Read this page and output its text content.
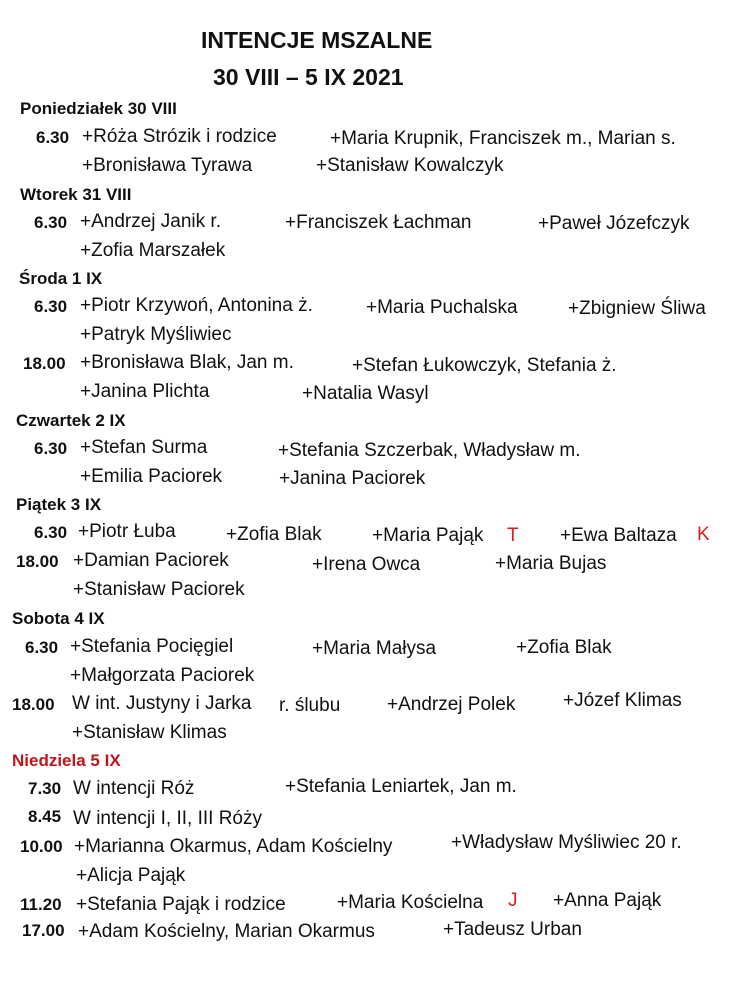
INTENCJE MSZALNE
30 VIII – 5 IX 2021
Poniedziałek 30 VIII
6.30 +Róża Strózik i rodzice	+Maria Krupnik, Franciszek m., Marian s.
+Bronisława Tyrawa	+Stanisław Kowalczyk
Wtorek 31 VIII
6.30 +Andrzej Janik r.	+Franciszek Łachman	+Paweł Józefczyk
+Zofia Marszałek
Środa 1 IX
6.30 +Piotr Krzywoń, Antonina ż.	+Maria Puchalska	+Zbigniew Śliwa
+Patryk Myśliwiec
18.00 +Bronisława Blak, Jan m.	+Stefan Łukowczyk, Stefania ż.
+Janina Plichta	+Natalia Wasyl
Czwartek 2 IX
6.30 +Stefan Surma	+Stefania Szczerbak, Władysław m.
+Emilia Paciorek	+Janina Paciorek
Piątek 3 IX
6.30 +Piotr Łuba	+Zofia Blak	+Maria Pająk T +Ewa Baltaza K
18.00 +Damian Paciorek	+Irena Owca	+Maria Bujas
+Stanisław Paciorek
Sobota 4 IX
6.30 +Stefania Pocięgiel	+Maria Małysa	+Zofia Blak
+Małgorzata Paciorek
18.00 W int. Justyny i Jarka r. ślubu +Andrzej Polek	+Józef Klimas
+Stanisław Klimas
Niedziela 5 IX
7.30 W intencji Róż	+Stefania Leniartek, Jan m.
8.45 W intencji I, II, III Róży
10.00 +Marianna Okarmus, Adam Kościelny	+Władysław Myśliwiec 20 r.
+Alicja Pająk
11.20 +Stefania Pająk i rodzice	+Maria Kościelna J +Anna Pająk
17.00 +Adam Kościelny, Marian Okarmus	+Tadeusz Urban
